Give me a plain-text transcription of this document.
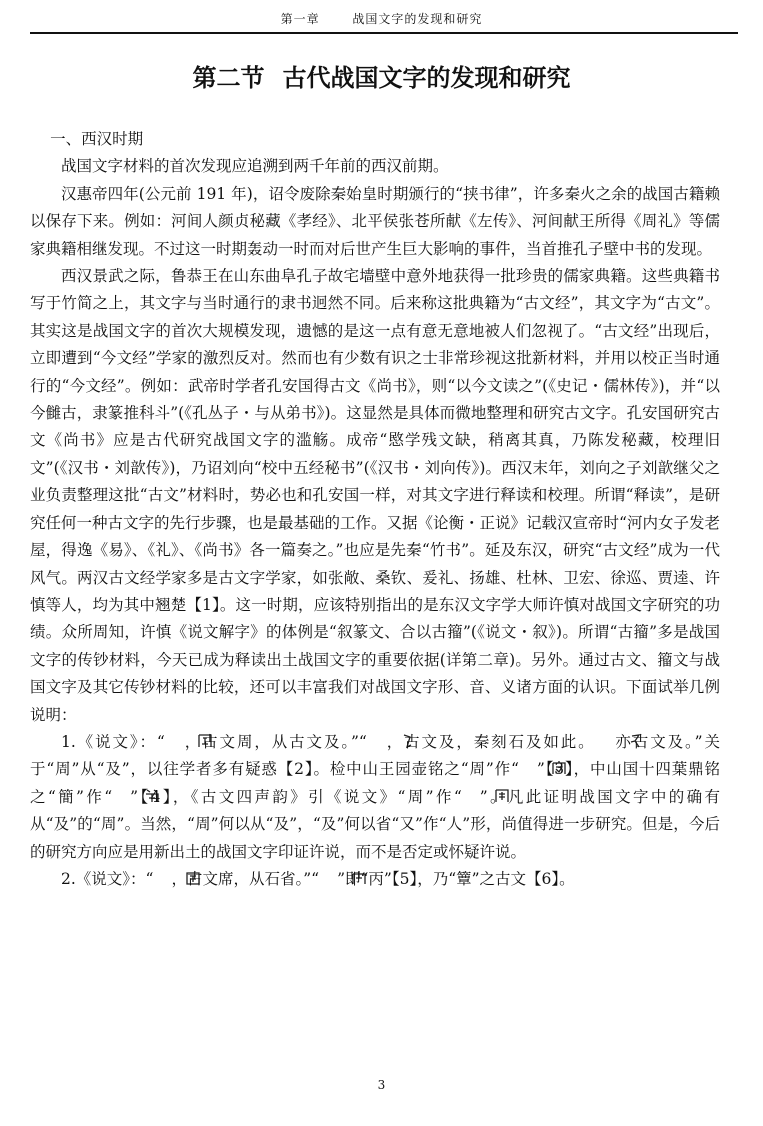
第一章	战国文字的发现和研究
第二节 古代战国文字的发现和研究

一、西汉时期

战国文字材料的首次发现应追溯到两千年前的西汉前期。

汉惠帝四年(公元前 191 年)，诏令废除秦始皇时期颁行的“挟书律”，许多秦火之余的战国古籍赖以保存下来。例如：河间人颜贞秘藏《孝经》、北平侯张苍所献《左传》、河间献王所得《周礼》等儒家典籍相继发现。不过这一时期轰动一时而对后世产生巨大影响的事件，当首推孔子壁中书的发现。

西汉景武之际，鲁恭王在山东曲阜孔子故宅墙壁中意外地获得一批珍贵的儒家典籍。这些典籍书写于竹简之上，其文字与当时通行的隶书迥然不同。后来称这批典籍为“古文经”，其文字为“古文”。其实这是战国文字的首次大规模发现，遗憾的是这一点有意无意地被人们忽视了。“古文经”出现后，立即遭到“今文经”学家的激烈反对。然而也有少数有识之士非常珍视这批新材料，并用以校正当时通行的“今文经”。例如：武帝时学者孔安国得古文《尚书》，则“以今文读之”(《史记・儒林传》)，并“以今雠古，隶篆推科斗”(《孔丛子・与从弟书》)。这显然是具体而微地整理和研究古文字。孔安国研究古文《尚书》应是古代研究战国文字的滥觞。成帝“愍学残文缺，稍离其真，乃陈发秘藏，校理旧文”(《汉书・刘歆传》)，乃诏刘向“校中五经秘书”(《汉书・刘向传》)。西汉末年，刘向之子刘歆继父之业负责整理这批“古文”材料时，势必也和孔安国一样，对其文字进行释读和校理。所谓“释读”，是研究任何一种古文字的先行步骤，也是最基础的工作。又据《论衡・正说》记载汉宣帝时“河内女子发老屋，得逸《易》、《礼》、《尚书》各一篇奏之。”也应是先秦“竹书”。延及东汉，研究“古文经”成为一代风气。两汉古文经学家多是古文字学家，如张敞、桑钦、爰礼、扬雄、杜林、卫宏、徐巡、贾逵、许慎等人，均为其中翘楚【1】。这一时期，应该特别指出的是东汉文字学大师许慎对战国文字研究的功绩。众所周知，许慎《说文解字》的体例是“叙篆文、合以古籀”(《说文・叙》)。所谓“古籀”多是战国文字的传钞材料，今天已成为释读出土战国文字的重要依据(详第二章)。另外。通过古文、籀文与战国文字及其它传钞材料的比较，还可以丰富我们对战国文字形、音、义诸方面的认识。下面试举几例说明：

1.《说文》：“ ，古文周，从古文及。”“ ，古文及，秦刻石及如此。 亦古文及。”关于“周”从“及”，以往学者多有疑惑【2】。检中山王园壶铭之“周”作“ ”【3】，中山国十四葉鼎铭之“簡”作“ ”【4】，《古文四声韵》引《说文》“周”作“ ”。凡此证明战国文字中的确有从“及”的“周”。当然，“周”何以从“及”，“及”何以省“又”作“人”形，尚值得进一步研究。但是，今后的研究方向应是用新出土的战国文字印证许说，而不是否定或怀疑许说。

2.《说文》：“ ，古文席，从石省。”“ ”即“丙”【5】，乃“簟”之古文【6】。

3
